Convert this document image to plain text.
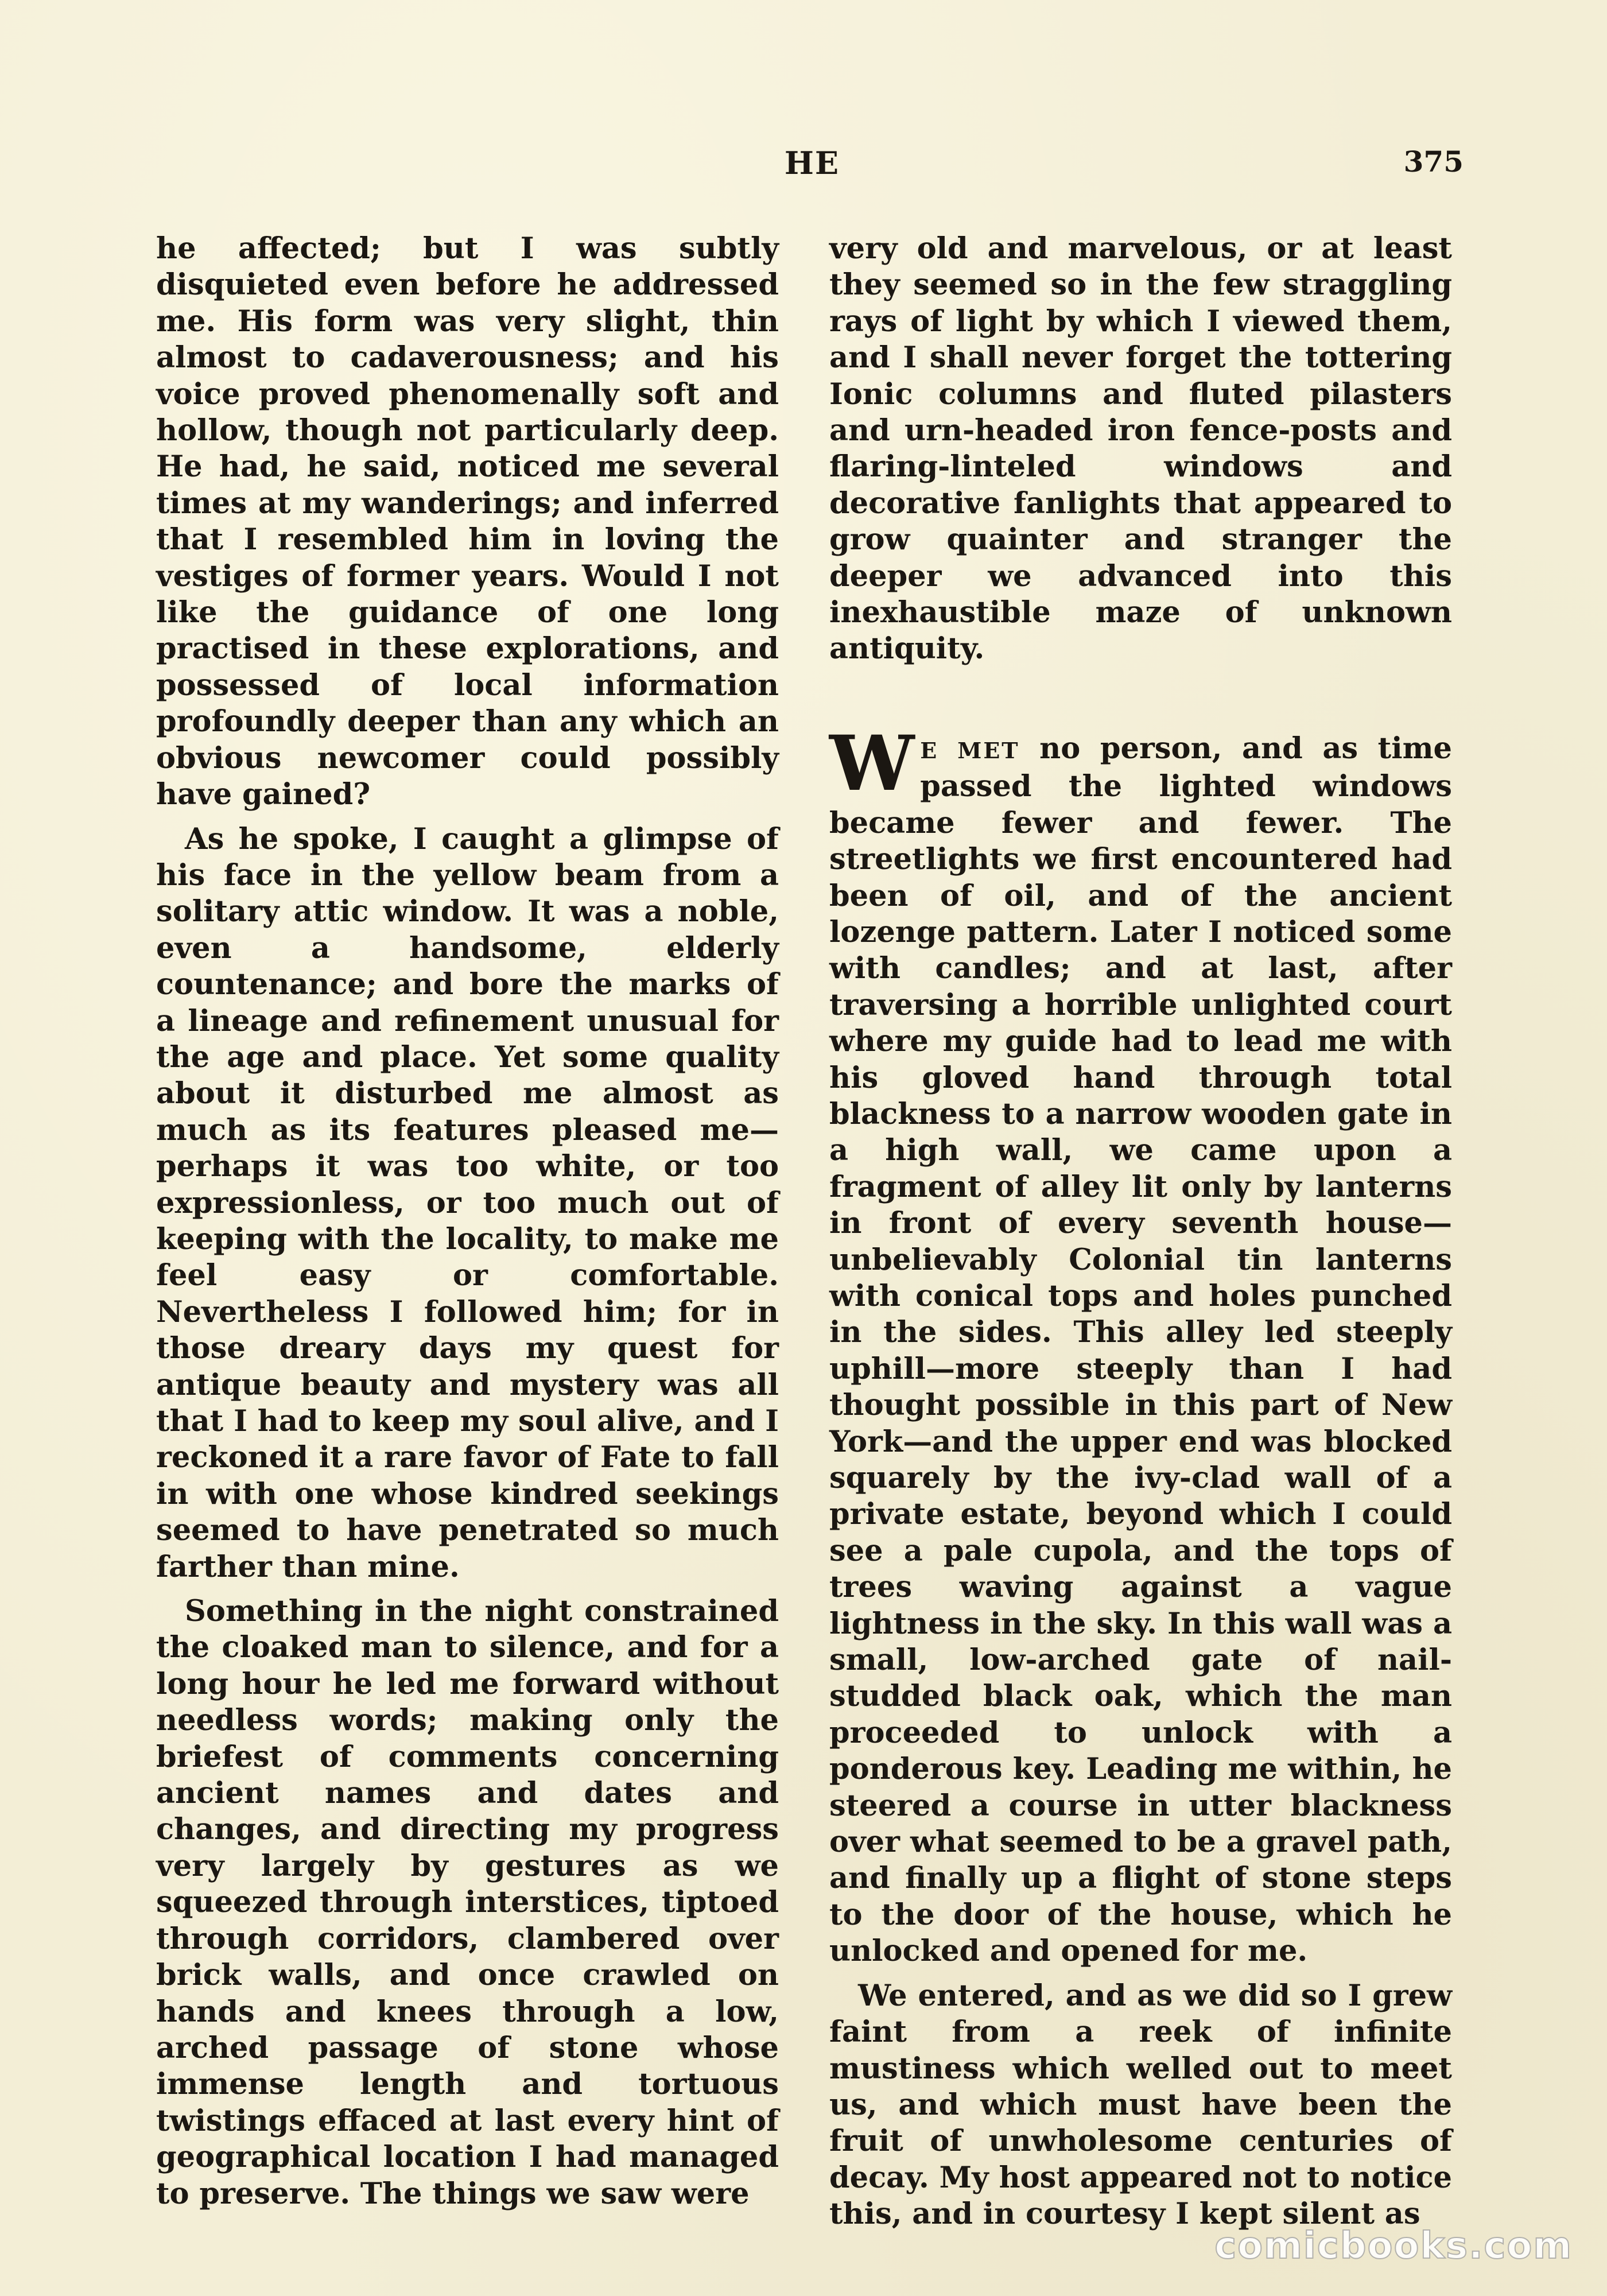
HE	375

he affected; but I was subtly disquieted even before he addressed me. His form was very slight, thin almost to cadaverousness; and his voice proved phenomenally soft and hollow, though not particularly deep. He had, he said, noticed me several times at my wanderings; and inferred that I resembled him in loving the vestiges of former years. Would I not like the guidance of one long practised in these explorations, and possessed of local information profoundly deeper than any which an obvious newcomer could possibly have gained?

As he spoke, I caught a glimpse of his face in the yellow beam from a solitary attic window. It was a noble, even a handsome, elderly countenance; and bore the marks of a lineage and refinement unusual for the age and place. Yet some quality about it disturbed me almost as much as its features pleased me—perhaps it was too white, or too expressionless, or too much out of keeping with the locality, to make me feel easy or comfortable. Nevertheless I followed him; for in those dreary days my quest for antique beauty and mystery was all that I had to keep my soul alive, and I reckoned it a rare favor of Fate to fall in with one whose kindred seekings seemed to have penetrated so much farther than mine.

Something in the night constrained the cloaked man to silence, and for a long hour he led me forward without needless words; making only the briefest of comments concerning ancient names and dates and changes, and directing my progress very largely by gestures as we squeezed through interstices, tiptoed through corridors, clambered over brick walls, and once crawled on hands and knees through a low, arched passage of stone whose immense length and tortuous twistings effaced at last every hint of geographical location I had managed to preserve. The things we saw were

very old and marvelous, or at least they seemed so in the few straggling rays of light by which I viewed them, and I shall never forget the tottering Ionic columns and fluted pilasters and urn-headed iron fence-posts and flaring-linteled windows and decorative fanlights that appeared to grow quainter and stranger the deeper we advanced into this inexhaustible maze of unknown antiquity.

W E MET no person, and as time passed the lighted windows became fewer and fewer. The streetlights we first encountered had been of oil, and of the ancient lozenge pattern. Later I noticed some with candles; and at last, after traversing a horrible unlighted court where my guide had to lead me with his gloved hand through total blackness to a narrow wooden gate in a high wall, we came upon a fragment of alley lit only by lanterns in front of every seventh house—unbelievably Colonial tin lanterns with conical tops and holes punched in the sides. This alley led steeply uphill—more steeply than I had thought possible in this part of New York—and the upper end was blocked squarely by the ivy-clad wall of a private estate, beyond which I could see a pale cupola, and the tops of trees waving against a vague lightness in the sky. In this wall was a small, low-arched gate of nail-studded black oak, which the man proceeded to unlock with a ponderous key. Leading me within, he steered a course in utter blackness over what seemed to be a gravel path, and finally up a flight of stone steps to the door of the house, which he unlocked and opened for me.

We entered, and as we did so I grew faint from a reek of infinite mustiness which welled out to meet us, and which must have been the fruit of unwholesome centuries of decay. My host appeared not to notice this, and in courtesy I kept silent as

comicbooks.com
